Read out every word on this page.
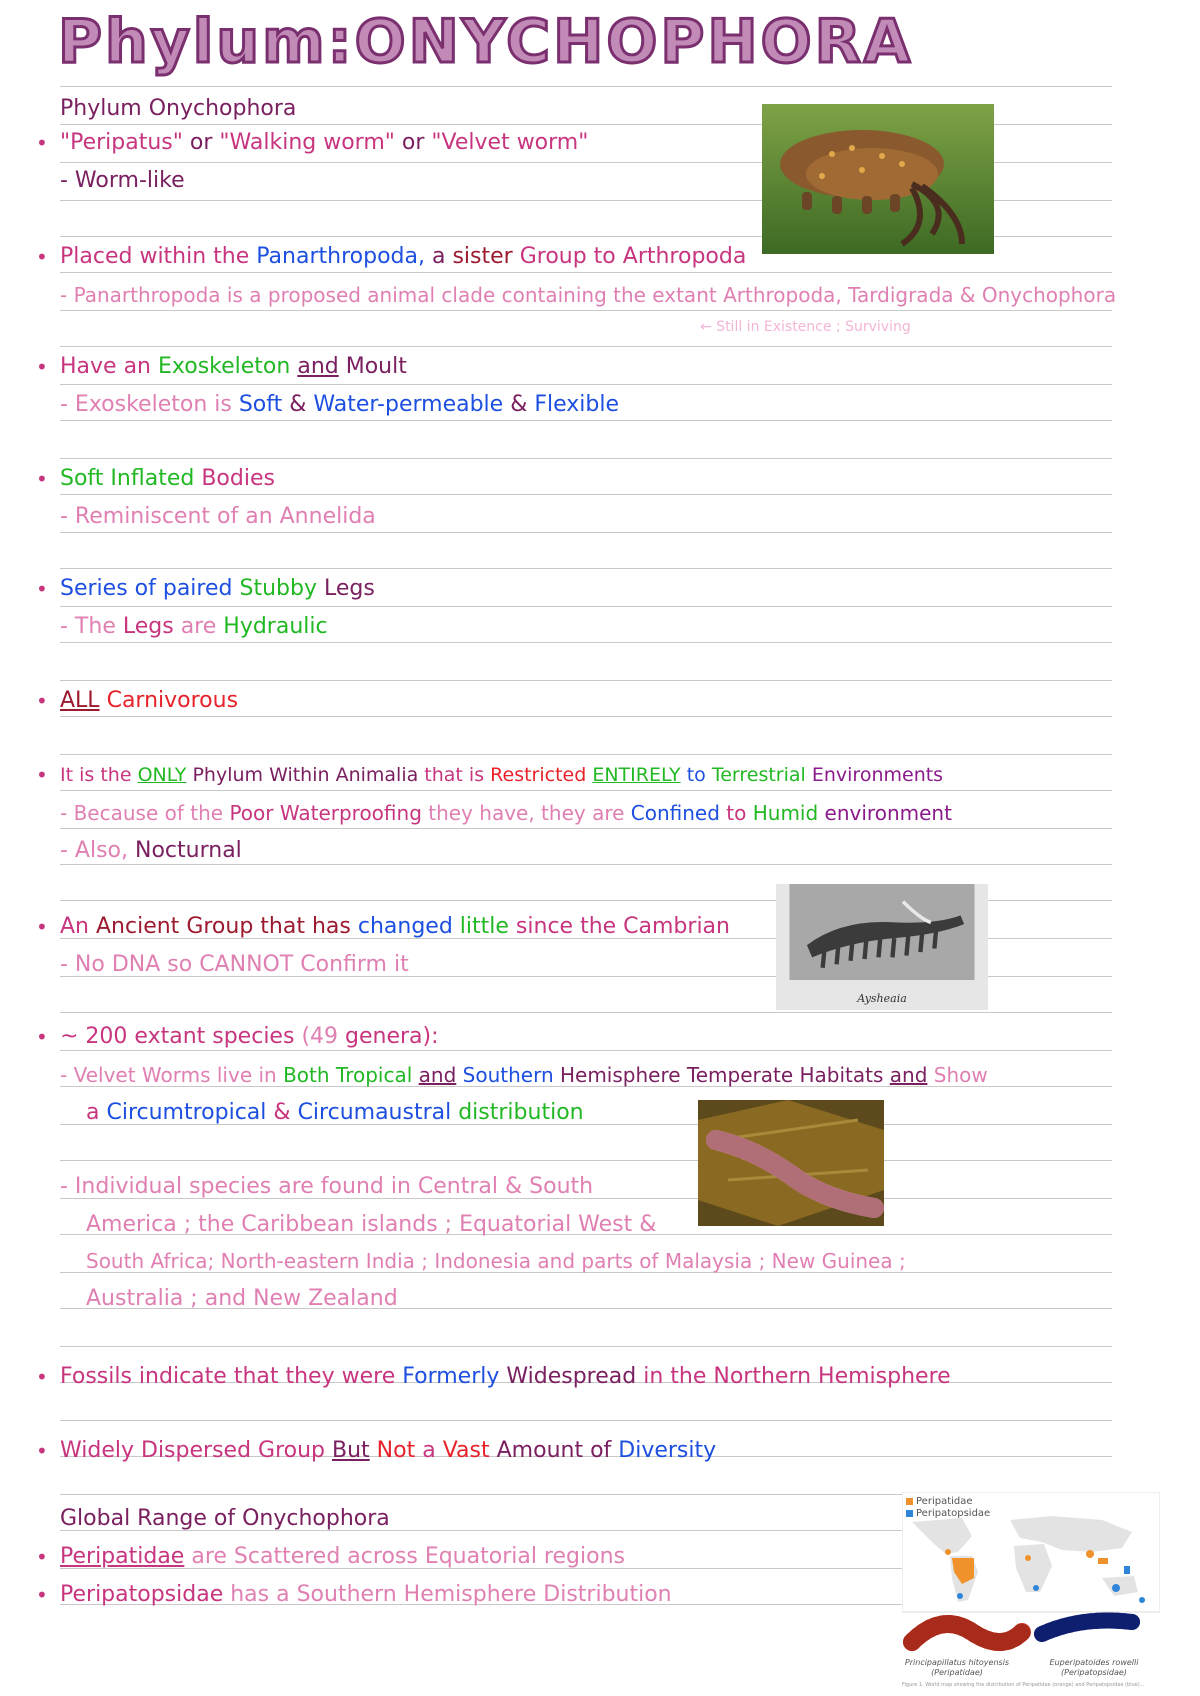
Phylum:ONYCHOPHORA
Phylum Onychophora
• "Peripatus" or "Walking worm" or "Velvet worm"
- Worm-like
• Placed within the Panarthropoda, a sister Group to Arthropoda
- Panarthropoda is a proposed animal clade containing the extant Arthropoda, Tardigrada & Onychophora
← Still in Existence ; Surviving
• Have an Exoskeleton and Moult
- Exoskeleton is Soft & Water-permeable & Flexible
• Soft Inflated Bodies
- Reminiscent of an Annelida
• Series of paired Stubby Legs
- The Legs are Hydraulic
• ALL Carnivorous
• It is the ONLY Phylum Within Animalia that is Restricted ENTIRELY to Terrestrial Environments
- Because of the Poor Waterproofing they have, they are Confined to Humid environment
- Also, Nocturnal
• An Ancient Group that has changed little since the Cambrian
- No DNA so CANNOT Confirm it
Aysheaia
• ~ 200 extant species (49 genera):
- Velvet Worms live in Both Tropical and Southern Hemisphere Temperate Habitats and Show
a Circumtropical & Circumaustral distribution
- Individual species are found in Central & South
America ; the Caribbean islands ; Equatorial West &
South Africa; North-eastern India ; Indonesia and parts of Malaysia ; New Guinea ;
Australia ; and New Zealand
• Fossils indicate that they were Formerly Widespread in the Northern Hemisphere
• Widely Dispersed Group But Not a Vast Amount of Diversity
Global Range of Onychophora
• Peripatidae are Scattered across Equatorial regions
• Peripatopsidae has a Southern Hemisphere Distribution
Peripatidae
Peripatopsidae
Principapillatus hitoyensis
(Peripatidae)
Euperipatoides rowelli
(Peripatopsidae)
Figure 1. World map showing the distribution of Peripatidae (orange) and Peripatopsidae (blue)...
